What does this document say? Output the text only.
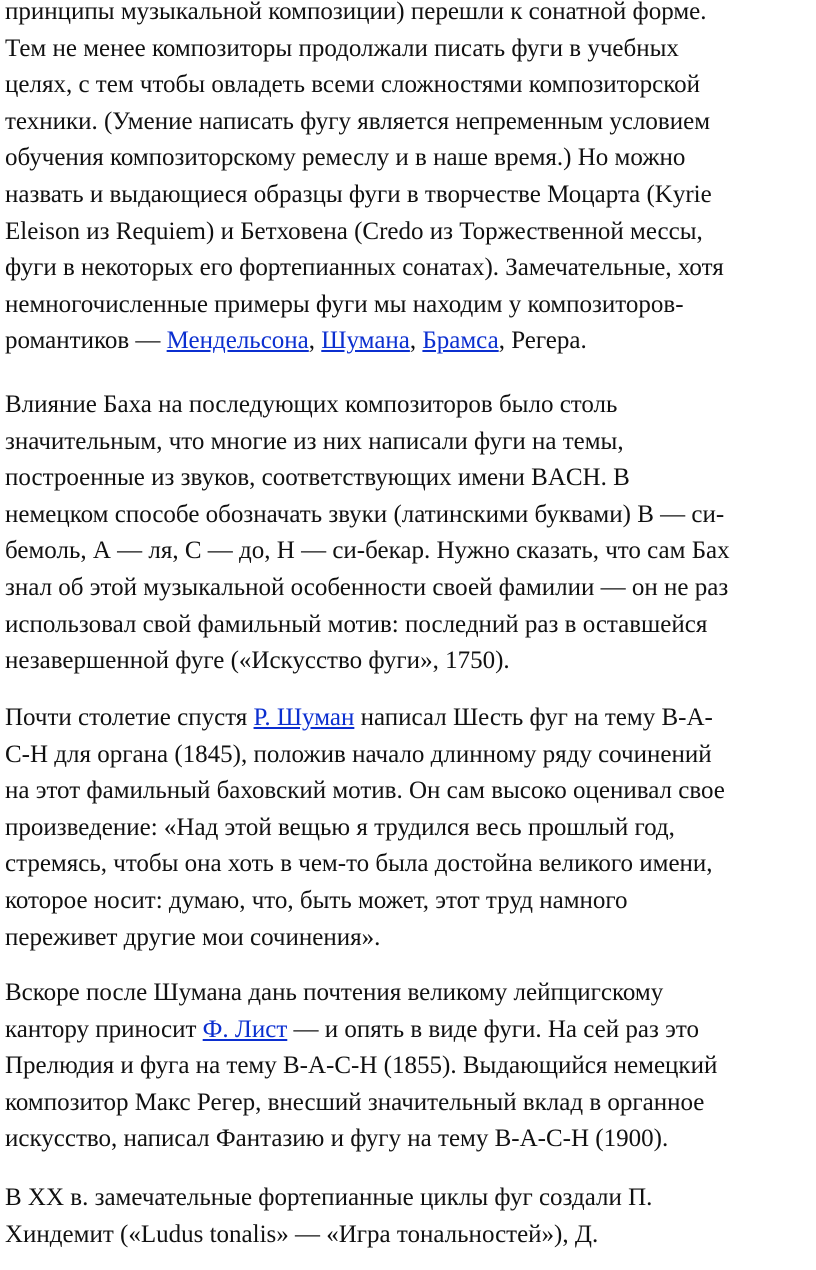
принципы музыкальной композиции) перешли к сонатной форме.
Тем не менее композиторы продолжали писать фуги в учебных
целях, с тем чтобы овладеть всеми сложностями композиторской
техники. (Умение написать фугу является непременным условием
обучения композиторскому ремеслу и в наше время.) Но можно
назвать и выдающиеся образцы фуги в творчестве Моцарта (Kyrie
Eleison из Requiem) и Бетховена (Credo из Торжественной мессы,
фуги в некоторых его фортепианных сонатах). Замечательные, хотя
немногочисленные примеры фуги мы находим у композиторов-
романтиков — Мендельсона, Шумана, Брамса, Регера.

Влияние Баха на последующих композиторов было столь
значительным, что многие из них написали фуги на темы,
построенные из звуков, соответствующих имени BACH. В
немецком способе обозначать звуки (латинскими буквами) В — си-
бемоль, А — ля, С — до, Н — си-бекар. Нужно сказать, что сам Бах
знал об этой музыкальной особенности своей фамилии — он не раз
использовал свой фамильный мотив: последний раз в оставшейся
незавершенной фуге («Искусство фуги», 1750).

Почти столетие спустя Р. Шуман написал Шесть фуг на тему В-А-
С-Н для органа (1845), положив начало длинному ряду сочинений
на этот фамильный баховский мотив. Он сам высоко оценивал свое
произведение: «Над этой вещью я трудился весь прошлый год,
стремясь, чтобы она хоть в чем-то была достойна великого имени,
которое носит: думаю, что, быть может, этот труд намного
переживет другие мои сочинения».

Вскоре после Шумана дань почтения великому лейпцигскому
кантору приносит Ф. Лист — и опять в виде фуги. На сей раз это
Прелюдия и фуга на тему В-А-С-Н (1855). Выдающийся немецкий
композитор Макс Регер, внесший значительный вклад в органное
искусство, написал Фантазию и фугу на тему В-А-С-Н (1900).

В XX в. замечательные фортепианные циклы фуг создали П.
Хиндемит («Ludus tonalis» — «Игра тональностей»), Д.
